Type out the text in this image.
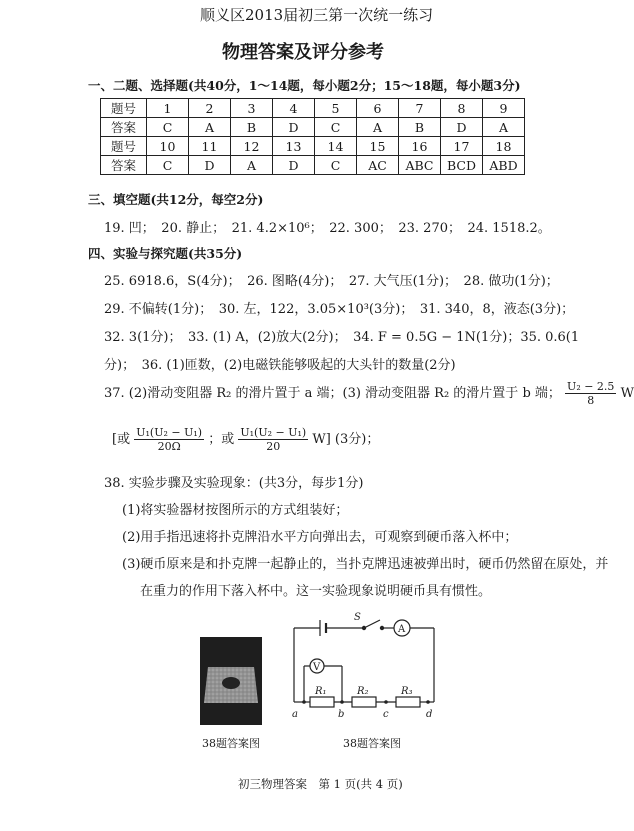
顺义区2013届初三第一次统一练习
物理答案及评分参考
一、二题、选择题(共40分，1～14题，每小题2分；15～18题，每小题3分)
题号	1	2	3	4	5	6	7	8	9
答案	C	A	B	D	C	A	B	D	A
题号	10	11	12	13	14	15	16	17	18
答案	C	D	A	D	C	AC	ABC	BCD	ABD
三、填空题(共12分，每空2分)
19. 凹；　20. 静止；　21. 4.2×10⁶；　22. 300；　23. 270；　24. 1518.2。
四、实验与探究题(共35分)
25. 6918.6，S(4分)；　26. 图略(4分)；　27. 大气压(1分)；　28. 做功(1分)；
29. 不偏转(1分)；　30. 左，122，3.05×10³(3分)；　31. 340，8，液态(3分)；
32. 3(1分)；　33. (1) A，(2)放大(2分)；　34. F = 0.5G − 1N(1分)；35. 0.6(1
分)；　36. (1)匝数，(2)电磁铁能够吸起的大头针的数量(2分)
37. (2)滑动变阻器 R₂ 的滑片置于 a 端；(3) 滑动变阻器 R₂ 的滑片置于 b 端； $\frac{\text{U₂ − 2.5}}{8}$ W
[或 $\frac{\text{U₁(U₂ − U₁)}}{20\Omega}$ ；或 $\frac{\text{U₁(U₂ − U₁)}}{20} W$] (3分)；
38. 实验步骤及实验现象：(共3分，每步1分)
(1)将实验器材按图所示的方式组装好；
(2)用手指迅速将扑克牌沿水平方向弹出去，可观察到硬币落入杯中；
(3)硬币原来是和扑克牌一起静止的，当扑克牌迅速被弹出时，硬币仍然留在原处，并
在重力的作用下落入杯中。这一实验现象说明硬币具有惯性。
38题答案图
S
A
V
R₁	R₂	R₃
a	b	c	d
38题答案图
初三物理答案　第 1 页(共 4 页)
